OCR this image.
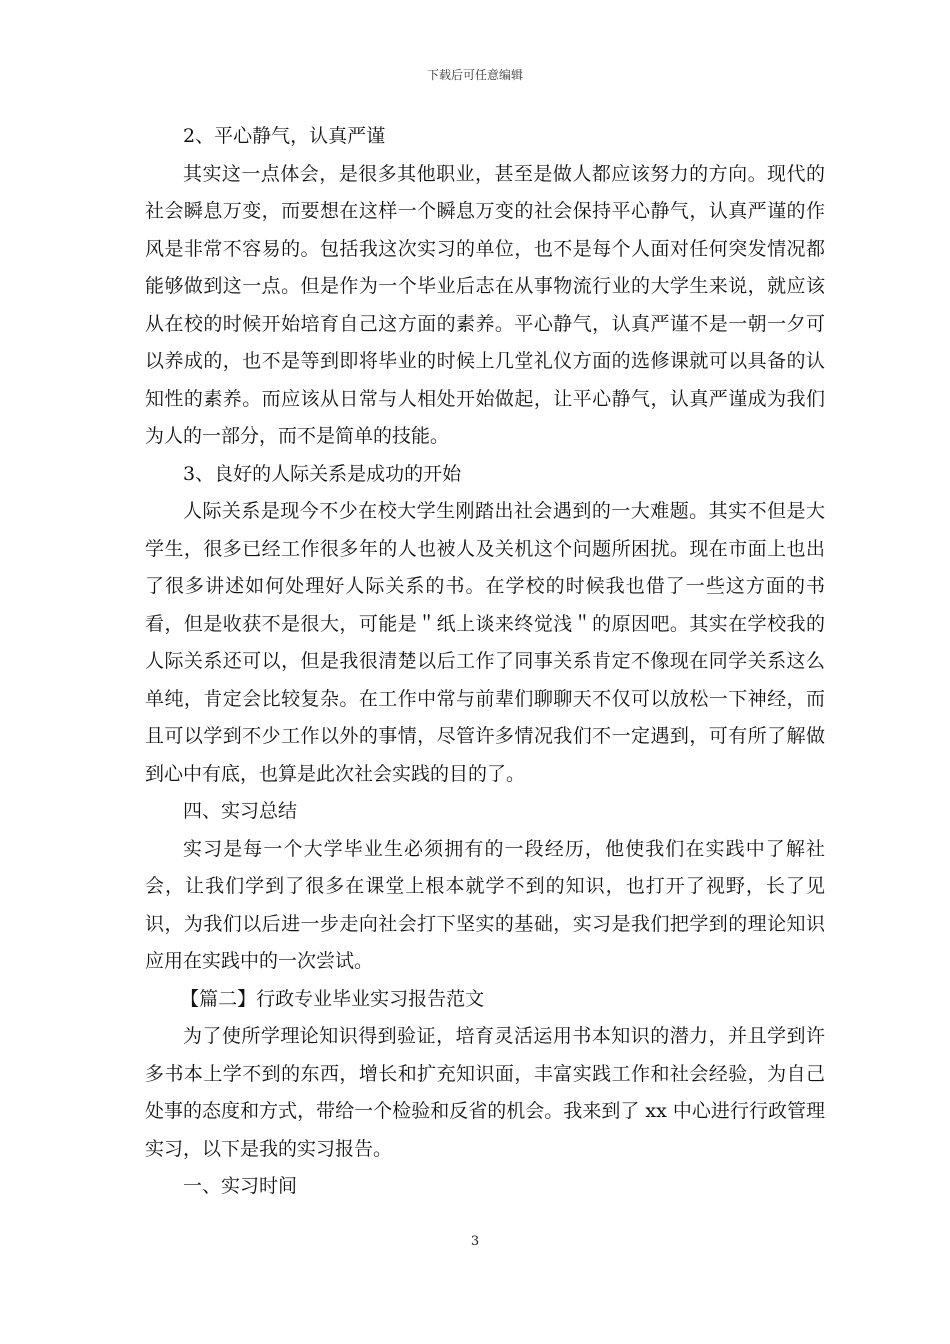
下载后可任意编辑

2、平心静气，认真严谨

其实这一点体会，是很多其他职业，甚至是做人都应该努力的方向。现代的社会瞬息万变，而要想在这样一个瞬息万变的社会保持平心静气，认真严谨的作风是非常不容易的。包括我这次实习的单位，也不是每个人面对任何突发情况都能够做到这一点。但是作为一个毕业后志在从事物流行业的大学生来说，就应该从在校的时候开始培育自己这方面的素养。平心静气，认真严谨不是一朝一夕可以养成的，也不是等到即将毕业的时候上几堂礼仪方面的选修课就可以具备的认知性的素养。而应该从日常与人相处开始做起，让平心静气，认真严谨成为我们为人的一部分，而不是简单的技能。

3、良好的人际关系是成功的开始

人际关系是现今不少在校大学生刚踏出社会遇到的一大难题。其实不但是大学生，很多已经工作很多年的人也被人及关机这个问题所困扰。现在市面上也出了很多讲述如何处理好人际关系的书。在学校的时候我也借了一些这方面的书看，但是收获不是很大，可能是＂纸上谈来终觉浅＂的原因吧。其实在学校我的人际关系还可以，但是我很清楚以后工作了同事关系肯定不像现在同学关系这么单纯，肯定会比较复杂。在工作中常与前辈们聊聊天不仅可以放松一下神经，而且可以学到不少工作以外的事情，尽管许多情况我们不一定遇到，可有所了解做到心中有底，也算是此次社会实践的目的了。

四、实习总结

实习是每一个大学毕业生必须拥有的一段经历，他使我们在实践中了解社会，让我们学到了很多在课堂上根本就学不到的知识，也打开了视野，长了见识，为我们以后进一步走向社会打下坚实的基础，实习是我们把学到的理论知识应用在实践中的一次尝试。

【篇二】行政专业毕业实习报告范文

为了使所学理论知识得到验证，培育灵活运用书本知识的潜力，并且学到许多书本上学不到的东西，增长和扩充知识面，丰富实践工作和社会经验，为自己处事的态度和方式，带给一个检验和反省的机会。我来到了 xx 中心进行行政管理实习，以下是我的实习报告。

一、实习时间

3
